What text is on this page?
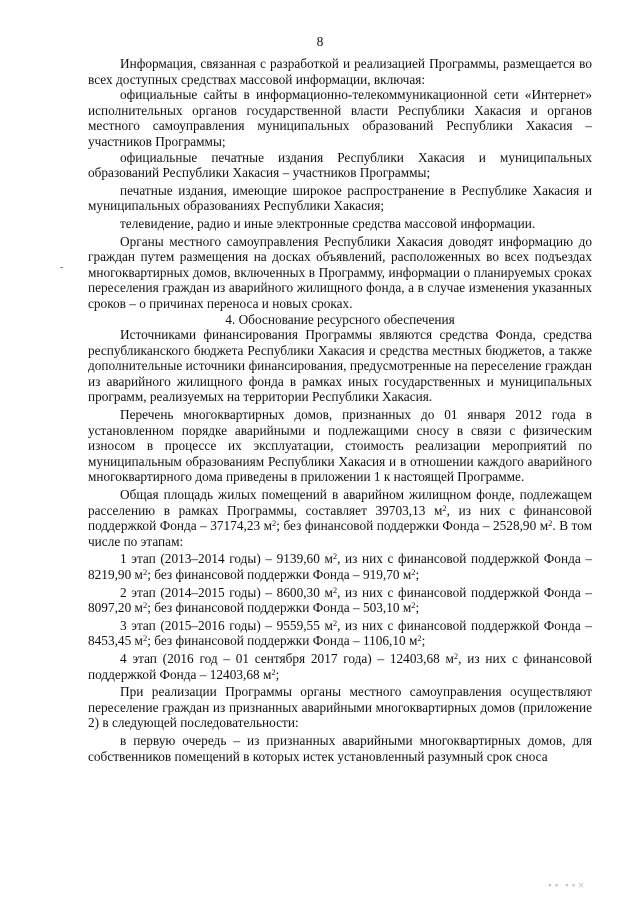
8
-

Информация, связанная с разработкой и реализацией Программы, размещается во всех доступных средствах массовой информации, включая:

официальные сайты в информационно-телекоммуникационной сети «Интернет» исполнительных органов государственной власти Республики Хакасия и органов местного самоуправления муниципальных образований Республики Хакасия – участников Программы;

официальные печатные издания Республики Хакасия и муниципальных образований Республики Хакасия – участников Программы;

печатные издания, имеющие широкое распространение в Республике Хакасия и муниципальных образованиях Республики Хакасия;

телевидение, радио и иные электронные средства массовой информации.

Органы местного самоуправления Республики Хакасия доводят информацию до граждан путем размещения на досках объявлений, расположенных во всех подъездах многоквартирных домов, включенных в Программу, информации о планируемых сроках переселения граждан из аварийного жилищного фонда, а в случае изменения указанных сроков – о причинах переноса и новых сроках.

4. Обоснование ресурсного обеспечения

Источниками финансирования Программы являются средства Фонда, средства республиканского бюджета Республики Хакасия и средства местных бюджетов, а также дополнительные источники финансирования, предусмотренные на переселение граждан из аварийного жилищного фонда в рамках иных государственных и муниципальных программ, реализуемых на территории Республики Хакасия.

Перечень многоквартирных домов, признанных до 01 января 2012 года в установленном порядке аварийными и подлежащими сносу в связи с физическим износом в процессе их эксплуатации, стоимость реализации мероприятий по муниципальным образованиям Республики Хакасия и в отношении каждого аварийного многоквартирного дома приведены в приложении 1 к настоящей Программе.

Общая площадь жилых помещений в аварийном жилищном фонде, подлежащем расселению в рамках Программы, составляет 39703,13 $м^2$, из них с финансовой поддержкой Фонда – 37174,23 $м^2$; без финансовой поддержки Фонда – 2528,90 $м^2$. В том числе по этапам:

1 этап (2013–2014 годы) – 9139,60 $м^2$, из них с финансовой поддержкой Фонда – 8219,90 $м^2$; без финансовой поддержки Фонда – 919,70 $м^2$;

2 этап (2014–2015 годы) – 8600,30 $м^2$, из них с финансовой поддержкой Фонда – 8097,20 $м^2$; без финансовой поддержки Фонда – 503,10 $м^2$;

3 этап (2015–2016 годы) – 9559,55 $м^2$, из них с финансовой поддержкой Фонда – 8453,45 $м^2$; без финансовой поддержки Фонда – 1106,10 $м^2$;

4 этап (2016 год – 01 сентября 2017 года) – 12403,68 $м^2$, из них с финансовой поддержкой Фонда – 12403,68 $м^2$;

При реализации Программы органы местного самоуправления осуществляют переселение граждан из признанных аварийными многоквартирных домов (приложение 2) в следующей последовательности:

в первую очередь – из признанных аварийными многоквартирных домов, для собственников помещений в которых истек установленный разумный срок сноса

∙∙ ∙∙×
